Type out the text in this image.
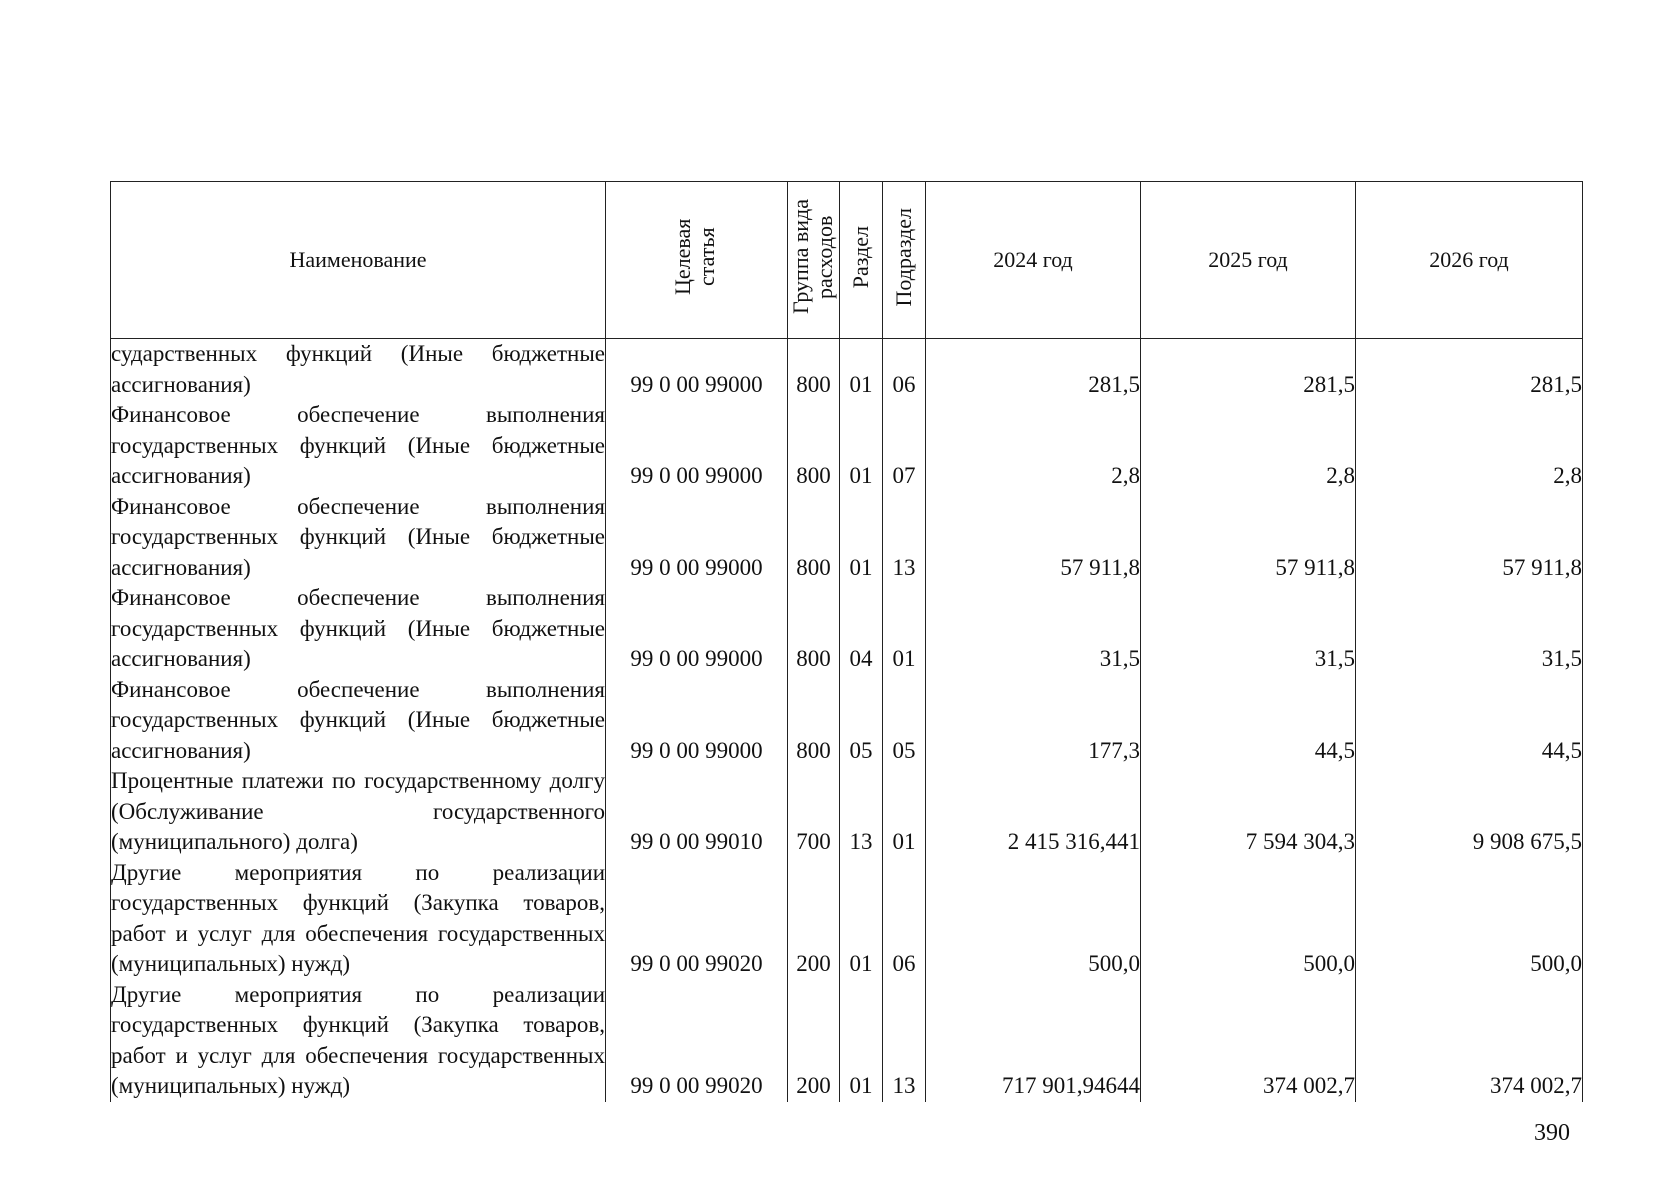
Наименование	Целевая статья	Группа вида расходов	Раздел	Подраздел	2024 год	2025 год	2026 год
сударственных функций (Иные бюджетные ассигнования)	99 0 00 99000	800	01	06	281,5	281,5	281,5
Финансовое обеспечение выполнения государственных функций (Иные бюджетные ассигнования)	99 0 00 99000	800	01	07	2,8	2,8	2,8
Финансовое обеспечение выполнения государственных функций (Иные бюджетные ассигнования)	99 0 00 99000	800	01	13	57 911,8	57 911,8	57 911,8
Финансовое обеспечение выполнения государственных функций (Иные бюджетные ассигнования)	99 0 00 99000	800	04	01	31,5	31,5	31,5
Финансовое обеспечение выполнения государственных функций (Иные бюджетные ассигнования)	99 0 00 99000	800	05	05	177,3	44,5	44,5
Процентные платежи по государственному долгу (Обслуживание государственного (муниципального) долга)	99 0 00 99010	700	13	01	2 415 316,441	7 594 304,3	9 908 675,5
Другие мероприятия по реализации государственных функций (Закупка товаров, работ и услуг для обеспечения государственных (муниципальных) нужд)	99 0 00 99020	200	01	06	500,0	500,0	500,0
Другие мероприятия по реализации государственных функций (Закупка товаров, работ и услуг для обеспечения государственных (муниципальных) нужд)	99 0 00 99020	200	01	13	717 901,94644	374 002,7	374 002,7
390
